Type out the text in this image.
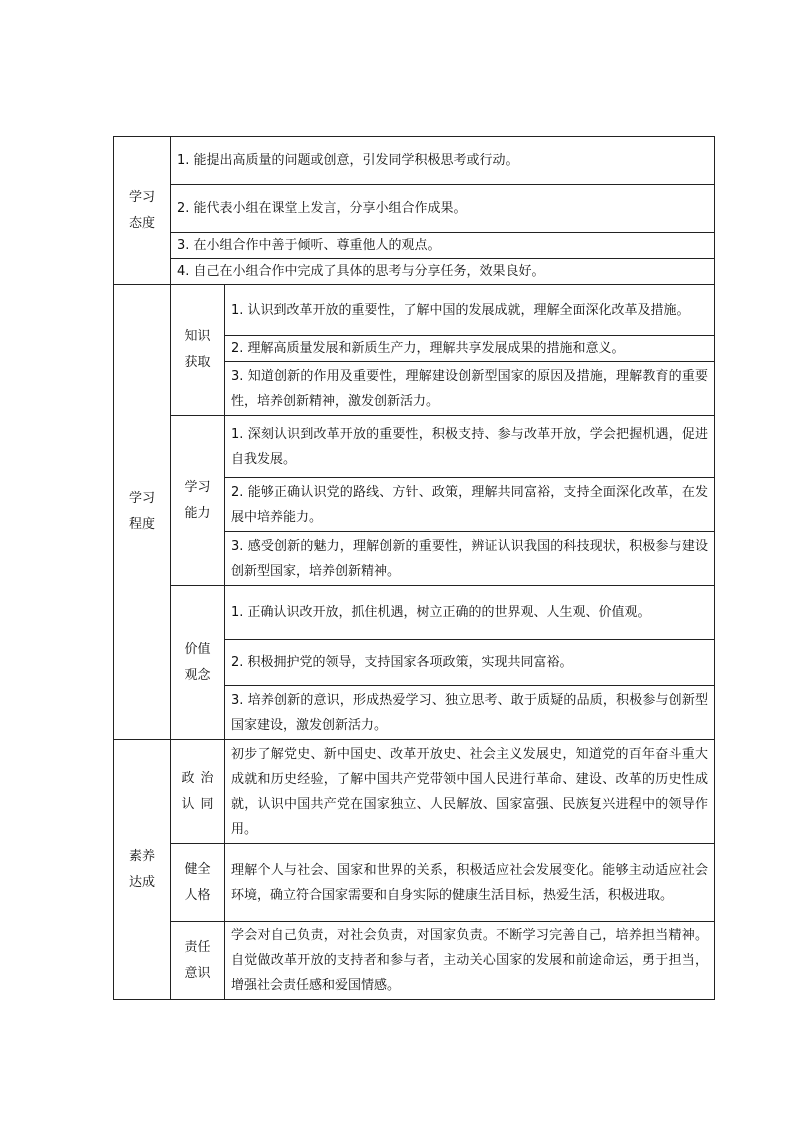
学习态度	1. 能提出高质量的问题或创意，引发同学积极思考或行动。	
	2. 能代表小组在课堂上发言，分享小组合作成果。	
	3. 在小组合作中善于倾听、尊重他人的观点。	
	4. 自己在小组合作中完成了具体的思考与分享任务，效果良好。	
学习程度	知识获取	1. 认识到改革开放的重要性，了解中国的发展成就，理解全面深化改革及措施。
		2. 理解高质量发展和新质生产力，理解共享发展成果的措施和意义。
		3. 知道创新的作用及重要性，理解建设创新型国家的原因及措施，理解教育的重要性，培养创新精神，激发创新活力。
	学习能力	1. 深刻认识到改革开放的重要性，积极支持、参与改革开放，学会把握机遇，促进自我发展。
		2. 能够正确认识党的路线、方针、政策，理解共同富裕，支持全面深化改革，在发展中培养能力。
		3. 感受创新的魅力，理解创新的重要性，辨证认识我国的科技现状，积极参与建设创新型国家，培养创新精神。
	价值观念	1. 正确认识改开放，抓住机遇，树立正确的的世界观、人生观、价值观。
		2. 积极拥护党的领导，支持国家各项政策，实现共同富裕。
		3. 培养创新的意识，形成热爱学习、独立思考、敢于质疑的品质，积极参与创新型国家建设，激发创新活力。
素养达成	政治认同	初步了解党史、新中国史、改革开放史、社会主义发展史，知道党的百年奋斗重大成就和历史经验，了解中国共产党带领中国人民进行革命、建设、改革的历史性成就，认识中国共产党在国家独立、人民解放、国家富强、民族复兴进程中的领导作用。
	健全人格	理解个人与社会、国家和世界的关系，积极适应社会发展变化。能够主动适应社会环境，确立符合国家需要和自身实际的健康生活目标，热爱生活，积极进取。
	责任意识	学会对自己负责，对社会负责，对国家负责。不断学习完善自己，培养担当精神。自觉做改革开放的支持者和参与者，主动关心国家的发展和前途命运，勇于担当，增强社会责任感和爱国情感。
